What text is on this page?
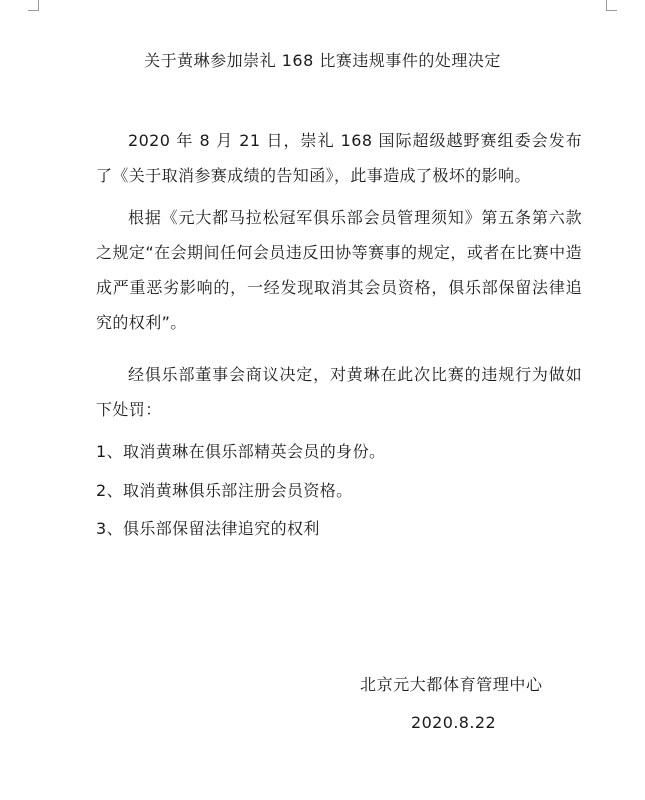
关于黄琳参加崇礼 168 比赛违规事件的处理决定
2020 年 8 月 21 日，崇礼 168 国际超级越野赛组委会发布了《关于取消参赛成绩的告知函》，此事造成了极坏的影响。
根据《元大都马拉松冠军俱乐部会员管理须知》第五条第六款之规定“在会期间任何会员违反田协等赛事的规定，或者在比赛中造成严重恶劣影响的，一经发现取消其会员资格，俱乐部保留法律追究的权利”。
经俱乐部董事会商议决定，对黄琳在此次比赛的违规行为做如下处罚：
1、取消黄琳在俱乐部精英会员的身份。
2、取消黄琳俱乐部注册会员资格。
3、俱乐部保留法律追究的权利
北京元大都体育管理中心
2020.8.22
